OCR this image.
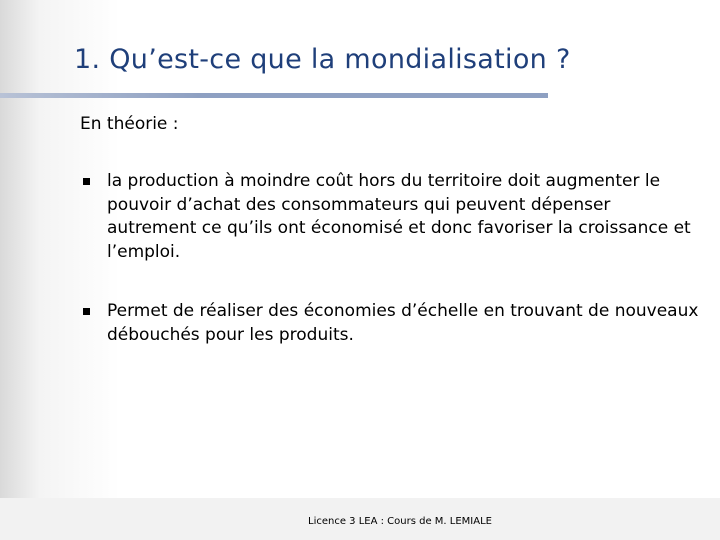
1. Qu’est-ce que la mondialisation ?
En théorie :
la production à moindre coût hors du territoire doit augmenter le pouvoir d’achat des consommateurs qui peuvent dépenser autrement ce qu’ils ont économisé et donc favoriser la croissance et l’emploi.
Permet de réaliser des économies d’échelle en trouvant de nouveaux débouchés pour les produits.
Licence 3 LEA : Cours de M. LEMIALE
